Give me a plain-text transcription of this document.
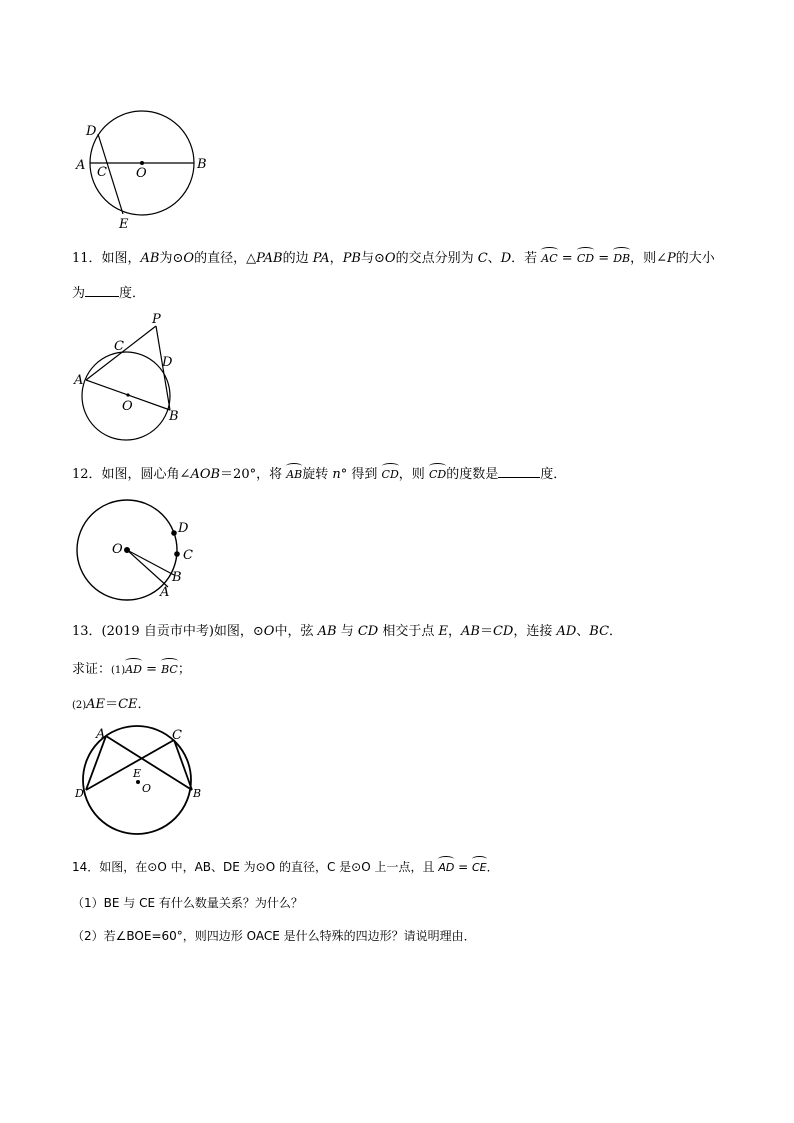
D
A C O
B
E
11．如图，AB为⊙O的直径，△PAB的边 PA，PB与⊙O的交点分别为 C、D．若 AC = CD = DB，则∠P的大小
为	度．
P
C
D
A
O
B
12．如图，圆心角∠AOB＝20°，将 AB旋转 n° 得到 CD，则 CD的度数是	度．
D
O	C
B
A
13．(2019 自贡市中考)如图，⊙O中，弦 AB 与 CD 相交于点 E，AB＝CD，连接 AD、BC．
求证：(1)AD = BC；
(2)AE＝CE．
A	C
E
O
D	B
14．如图，在⊙O 中，AB、DE 为⊙O 的直径，C 是⊙O 上一点，且 AD = CE．
（1）BE 与 CE 有什么数量关系？为什么？
（2）若∠BOE=60°，则四边形 OACE 是什么特殊的四边形？请说明理由．
